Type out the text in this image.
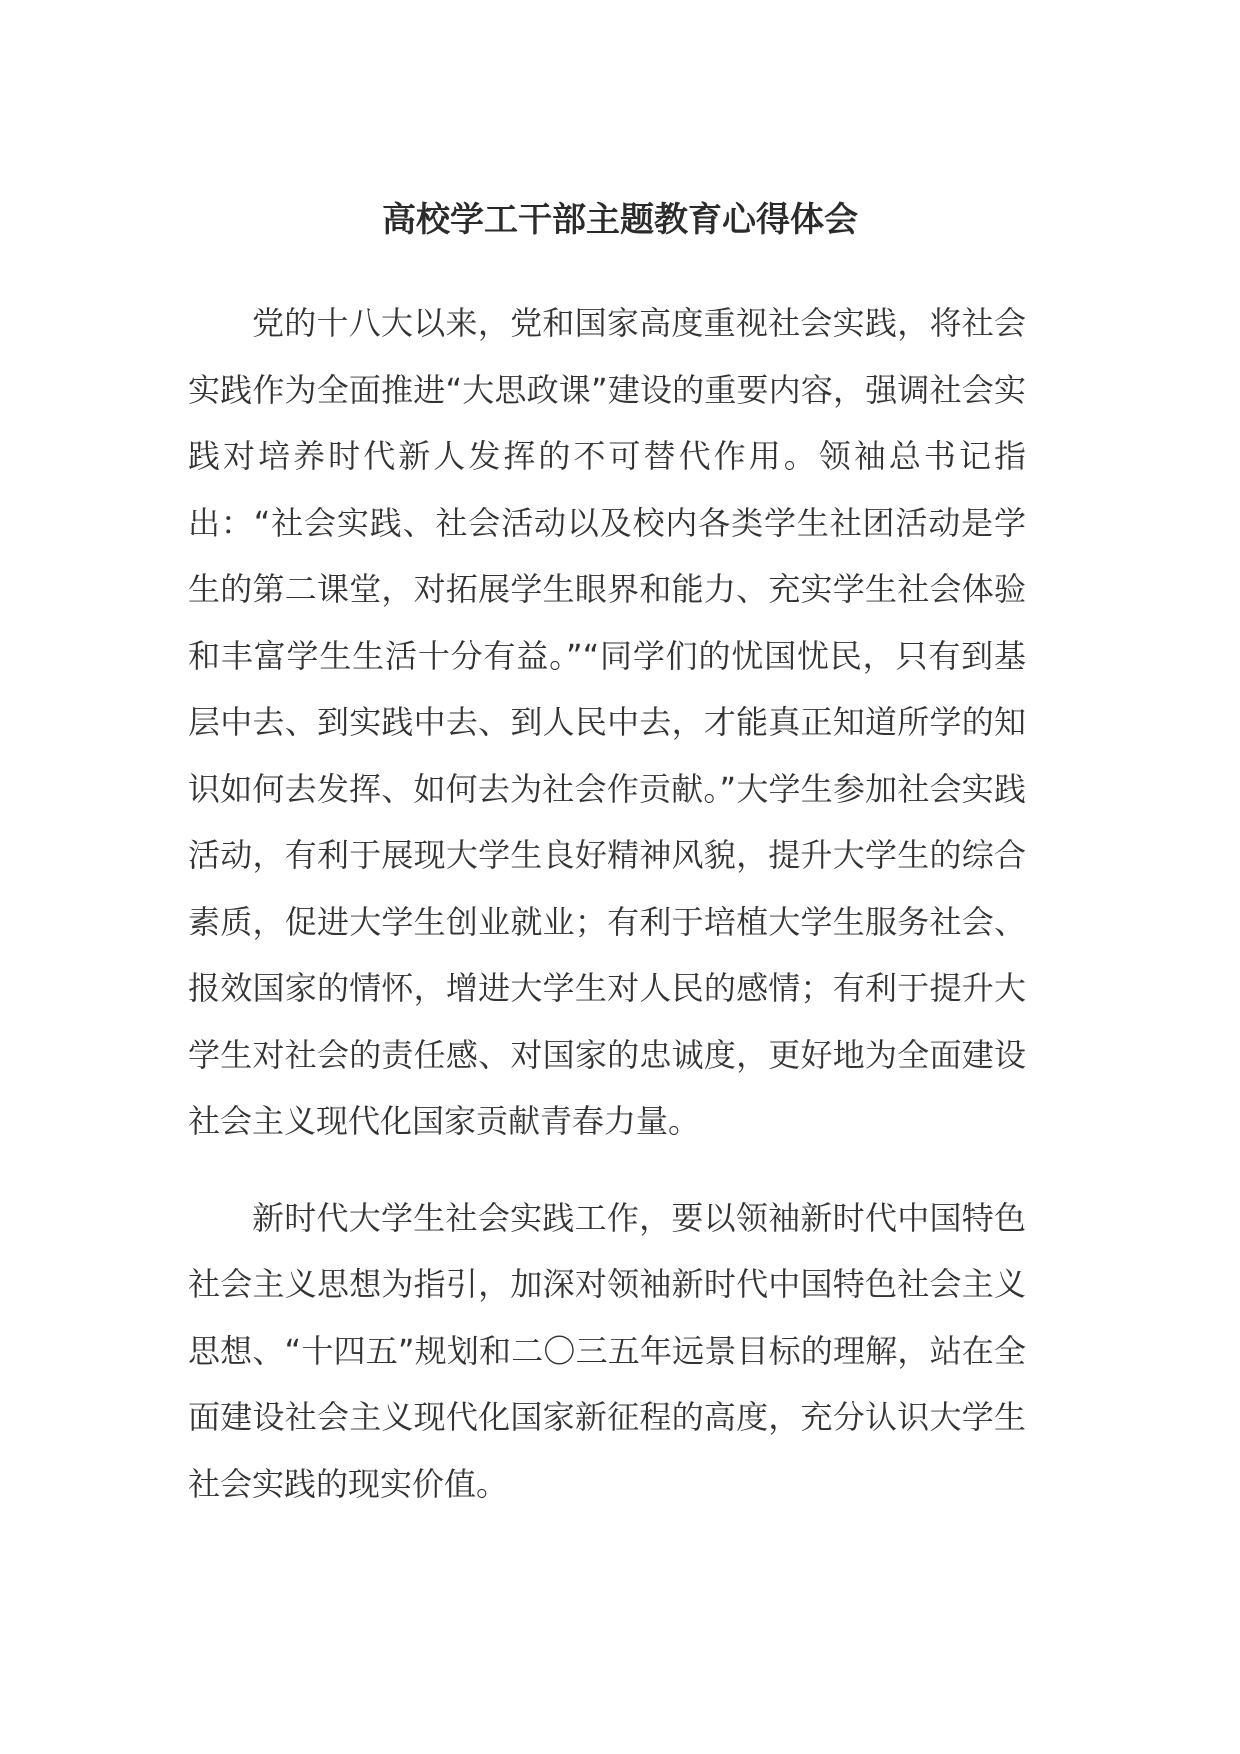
高校学工干部主题教育心得体会

党的十八大以来，党和国家高度重视社会实践，将社会实践作为全面推进“大思政课”建设的重要内容，强调社会实践对培养时代新人发挥的不可替代作用。领袖总书记指出：“社会实践、社会活动以及校内各类学生社团活动是学生的第二课堂，对拓展学生眼界和能力、充实学生社会体验和丰富学生生活十分有益。”“同学们的忧国忧民，只有到基层中去、到实践中去、到人民中去，才能真正知道所学的知识如何去发挥、如何去为社会作贡献。”大学生参加社会实践活动，有利于展现大学生良好精神风貌，提升大学生的综合素质，促进大学生创业就业；有利于培植大学生服务社会、报效国家的情怀，增进大学生对人民的感情；有利于提升大学生对社会的责任感、对国家的忠诚度，更好地为全面建设社会主义现代化国家贡献青春力量。

新时代大学生社会实践工作，要以领袖新时代中国特色社会主义思想为指引，加深对领袖新时代中国特色社会主义思想、“十四五”规划和二〇三五年远景目标的理解，站在全面建设社会主义现代化国家新征程的高度，充分认识大学生社会实践的现实价值。
